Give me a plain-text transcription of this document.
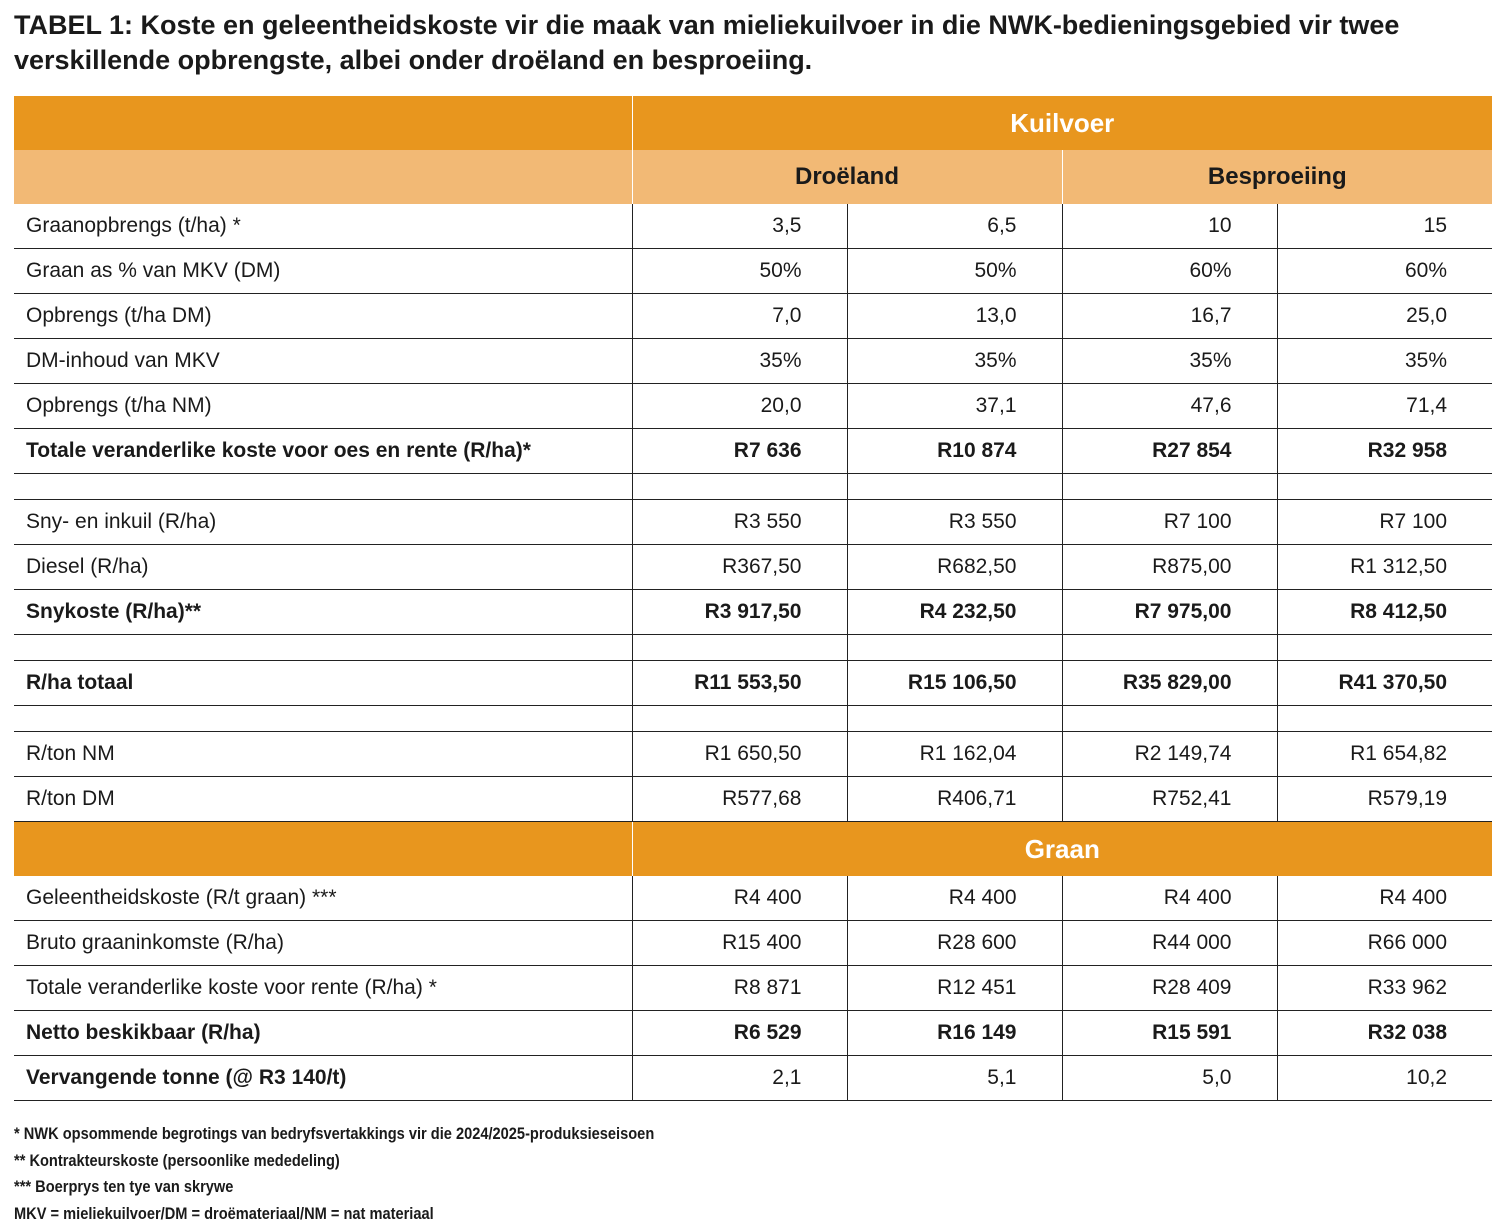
TABEL 1: Koste en geleentheidskoste vir die maak van mieliekuilvoer in die NWK-bedieningsgebied vir twee verskillende opbrengste, albei onder droëland en besproeiing.
	Kuilvoer			
	Droëland		Besproeiing	
Graanopbrengs (t/ha) *	3,5	6,5	10	15
Graan as % van MKV (DM)	50%	50%	60%	60%
Opbrengs (t/ha DM)	7,0	13,0	16,7	25,0
DM-inhoud van MKV	35%	35%	35%	35%
Opbrengs (t/ha NM)	20,0	37,1	47,6	71,4
Totale veranderlike koste voor oes en rente (R/ha)*	R7 636	R10 874	R27 854	R32 958

Sny- en inkuil (R/ha)	R3 550	R3 550	R7 100	R7 100
Diesel (R/ha)	R367,50	R682,50	R875,00	R1 312,50
Snykoste (R/ha)**	R3 917,50	R4 232,50	R7 975,00	R8 412,50

R/ha totaal	R11 553,50	R15 106,50	R35 829,00	R41 370,50

R/ton NM	R1 650,50	R1 162,04	R2 149,74	R1 654,82
R/ton DM	R577,68	R406,71	R752,41	R579,19
	Graan			
Geleentheidskoste (R/t graan) ***	R4 400	R4 400	R4 400	R4 400
Bruto graaninkomste (R/ha)	R15 400	R28 600	R44 000	R66 000
Totale veranderlike koste voor rente (R/ha) *	R8 871	R12 451	R28 409	R33 962
Netto beskikbaar (R/ha)	R6 529	R16 149	R15 591	R32 038
Vervangende tonne (@ R3 140/t)	2,1	5,1	5,0	10,2
* NWK opsommende begrotings van bedryfsvertakkings vir die 2024/2025-produksieseisoen
** Kontrakteurskoste (persoonlike mededeling)
*** Boerprys ten tye van skrywe
MKV = mieliekuilvoer/DM = droëmateriaal/NM = nat materiaal
